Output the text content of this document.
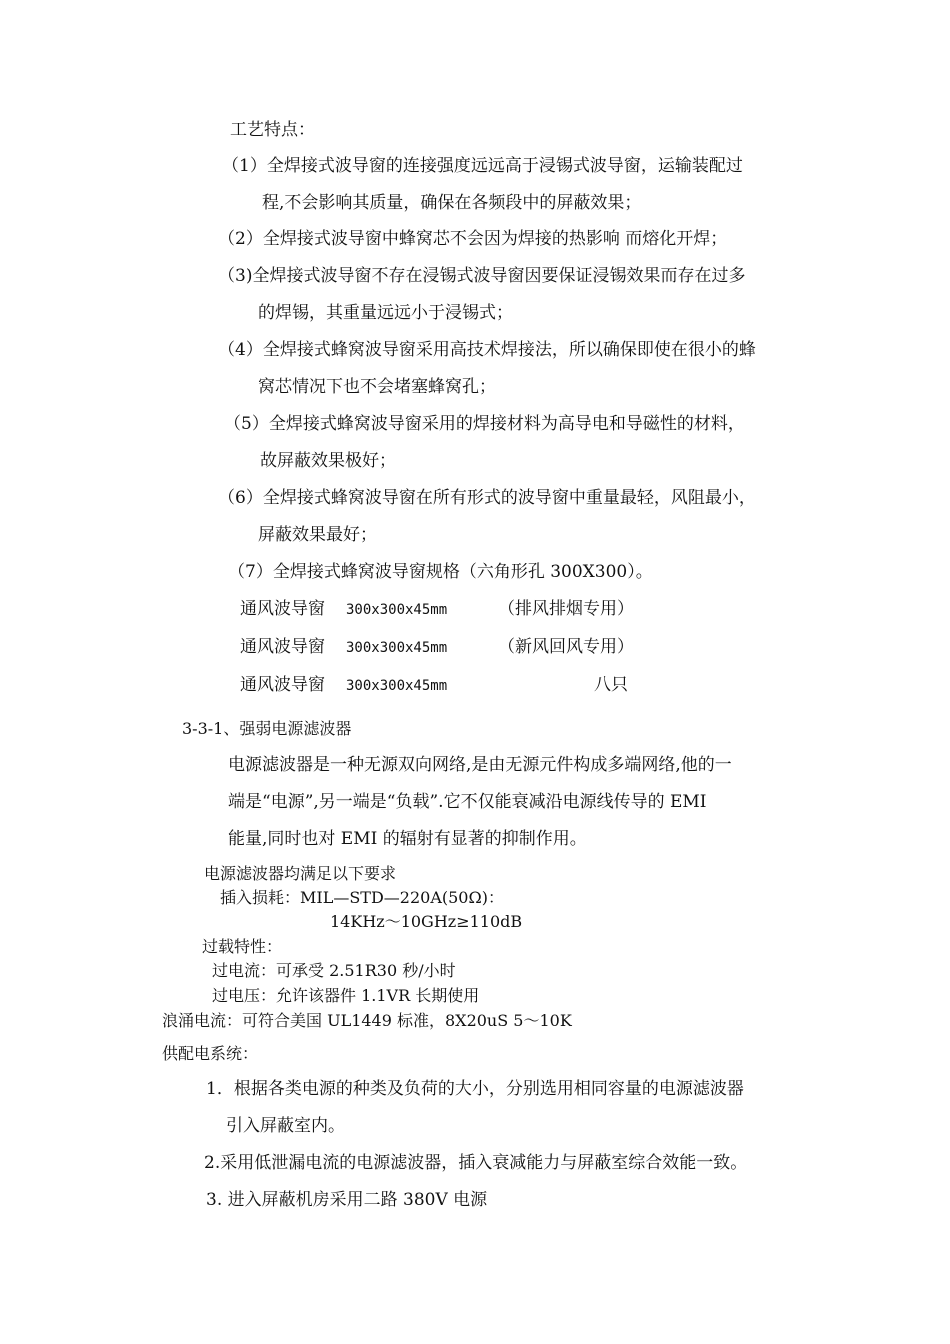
工艺特点：
（1）全焊接式波导窗的连接强度远远高于浸锡式波导窗，运输装配过
程,不会影响其质量，确保在各频段中的屏蔽效果；
（2）全焊接式波导窗中蜂窝芯不会因为焊接的热影响 而熔化开焊；
（3)全焊接式波导窗不存在浸锡式波导窗因要保证浸锡效果而存在过多
的焊锡，其重量远远小于浸锡式；
（4）全焊接式蜂窝波导窗采用高技术焊接法，所以确保即使在很小的蜂
窝芯情况下也不会堵塞蜂窝孔；
（5）全焊接式蜂窝波导窗采用的焊接材料为高导电和导磁性的材料，
故屏蔽效果极好；
（6）全焊接式蜂窝波导窗在所有形式的波导窗中重量最轻，风阻最小，
屏蔽效果最好；
（7）全焊接式蜂窝波导窗规格（六角形孔 300X300）。
通风波导窗 300x300x45mm	（排风排烟专用）
通风波导窗 300x300x45mm	（新风回风专用）
通风波导窗 300x300x45mm	八只
3-3-1、强弱电源滤波器
电源滤波器是一种无源双向网络,是由无源元件构成多端网络,他的一
端是“电源”,另一端是“负载”.它不仅能衰减沿电源线传导的 EMI
能量,同时也对 EMI 的辐射有显著的抑制作用。
电源滤波器均满足以下要求
插入损耗：MIL—STD—220A(50Ω)：
14KHz～10GHz≥110dB
过载特性：
过电流：可承受 2.51R30 秒/小时
过电压：允许该器件 1.1VR 长期使用
浪涌电流：可符合美国 UL1449 标准，8X20uS 5～10K
供配电系统：
1．根据各类电源的种类及负荷的大小，分别选用相同容量的电源滤波器
引入屏蔽室内。
2.采用低泄漏电流的电源滤波器，插入衰减能力与屏蔽室综合效能一致。
3. 进入屏蔽机房采用二路 380V 电源
